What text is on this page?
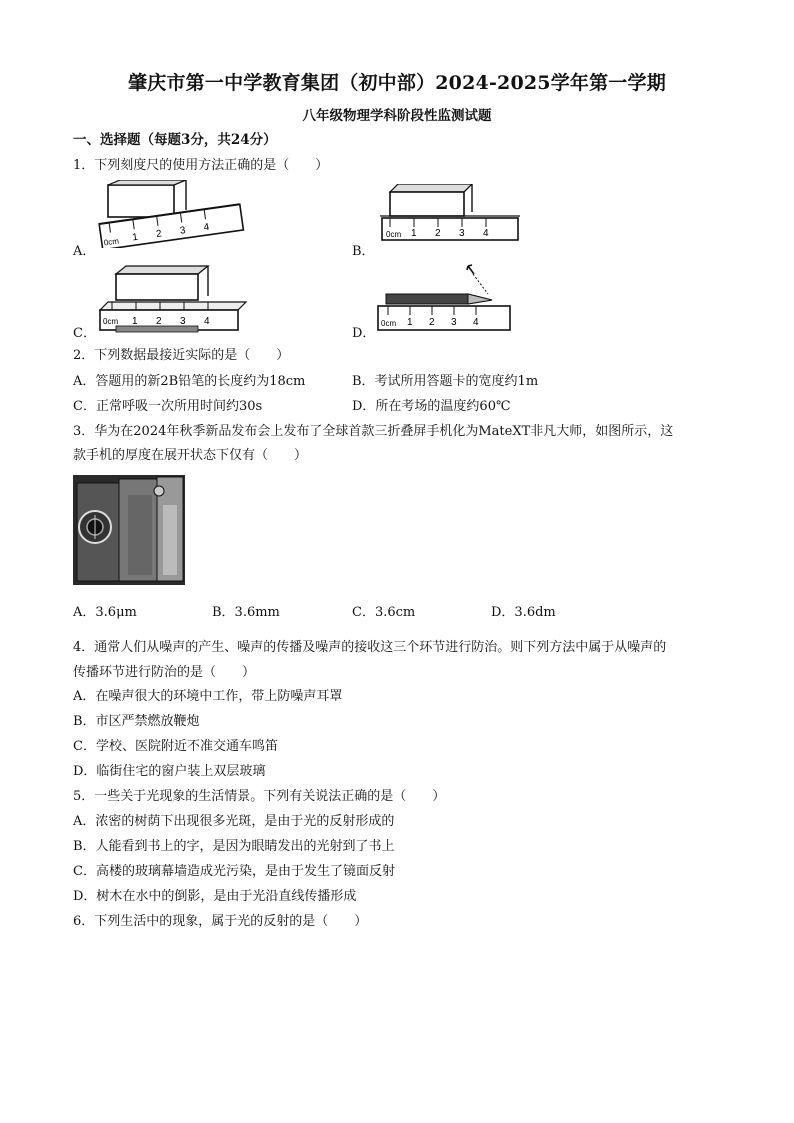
肇庆市第一中学教育集团（初中部）2024-2025学年第一学期
八年级物理学科阶段性监测试题
一、选择题（每题3分，共24分）
1．下列刻度尺的使用方法正确的是（　　）
0cm 1 2 3 4
A．
0cm 1 2 3 4
B．
0cm 1 2 3 4
C．
0cm 1 2 3 4
D．
2．下列数据最接近实际的是（　　）
A．答题用的新2B铅笔的长度约为18cm	B．考试所用答题卡的宽度约1m
C．正常呼吸一次所用时间约30s	D．所在考场的温度约60℃
3．华为在2024年秋季新品发布会上发布了全球首款三折叠屏手机化为MateXT非凡大师，如图所示，这
款手机的厚度在展开状态下仅有（　　）
A．3.6μm	B．3.6mm	C．3.6cm	D．3.6dm
4．通常人们从噪声的产生、噪声的传播及噪声的接收这三个环节进行防治。则下列方法中属于从噪声的
传播环节进行防治的是（　　）
A．在噪声很大的环境中工作，带上防噪声耳罩
B．市区严禁燃放鞭炮
C．学校、医院附近不准交通车鸣笛
D．临街住宅的窗户装上双层玻璃
5．一些关于光现象的生活情景。下列有关说法正确的是（　　）
A．浓密的树荫下出现很多光斑，是由于光的反射形成的
B．人能看到书上的字，是因为眼睛发出的光射到了书上
C．高楼的玻璃幕墙造成光污染，是由于发生了镜面反射
D．树木在水中的倒影，是由于光沿直线传播形成
6．下列生活中的现象，属于光的反射的是（　　）
